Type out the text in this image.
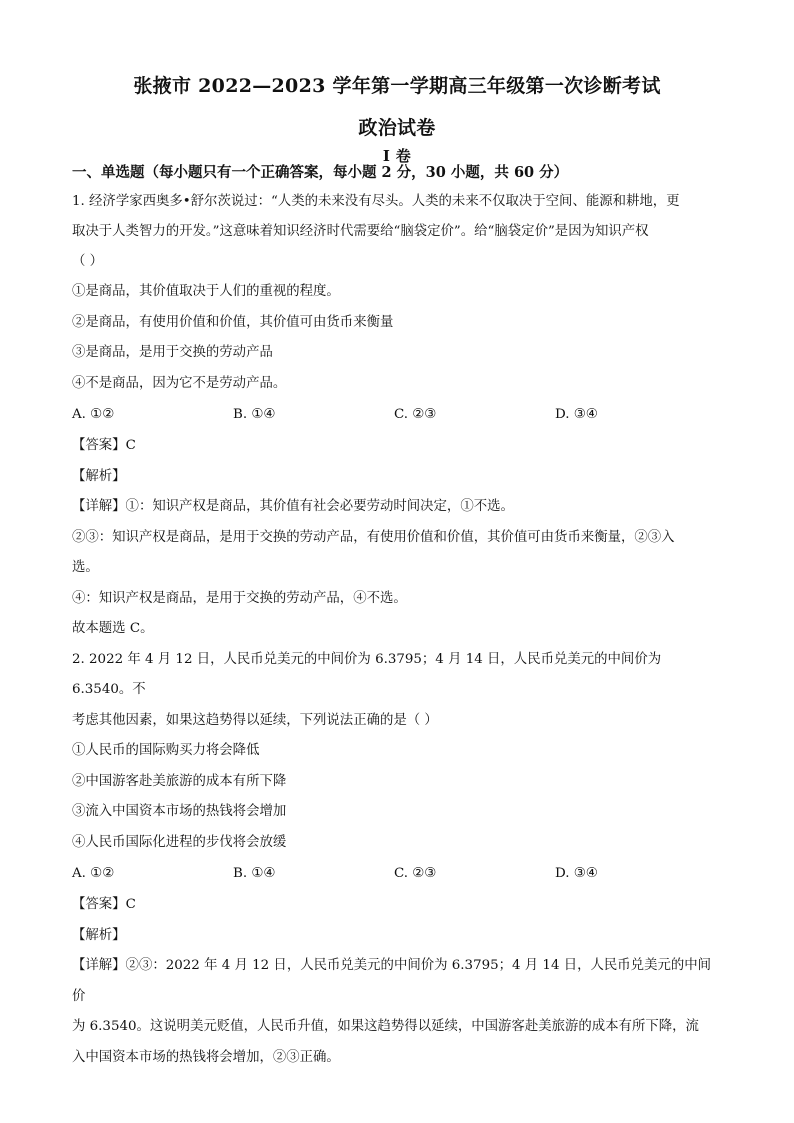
张掖市 2022—2023 学年第一学期高三年级第一次诊断考试
政治试卷
I 卷
一、单选题（每小题只有一个正确答案，每小题 2 分，30 小题，共 60 分）

1. 经济学家西奥多•舒尔茨说过：“人类的未来没有尽头。人类的未来不仅取决于空间、能源和耕地，更

取决于人类智力的开发。”这意味着知识经济时代需要给“脑袋定价”。给“脑袋定价”是因为知识产权

（ ）

①是商品，其价值取决于人们的重视的程度。

②是商品，有使用价值和价值，其价值可由货币来衡量

③是商品，是用于交换的劳动产品

④不是商品，因为它不是劳动产品。

A. ①②	B. ①④	C. ②③	D. ③④
【答案】C
【解析】

【详解】①：知识产权是商品，其价值有社会必要劳动时间决定，①不选。

②③：知识产权是商品，是用于交换的劳动产品，有使用价值和价值，其价值可由货币来衡量，②③入

选。

④：知识产权是商品，是用于交换的劳动产品，④不选。

故本题选 C。

2. 2022 年 4 月 12 日，人民币兑美元的中间价为 6.3795；4 月 14 日，人民币兑美元的中间价为 6.3540。不

考虑其他因素，如果这趋势得以延续，下列说法正确的是（ ）

①人民币的国际购买力将会降低

②中国游客赴美旅游的成本有所下降

③流入中国资本市场的热钱将会增加

④人民币国际化进程的步伐将会放缓

A. ①②	B. ①④	C. ②③	D. ③④
【答案】C
【解析】

【详解】②③：2022 年 4 月 12 日，人民币兑美元的中间价为 6.3795；4 月 14 日，人民币兑美元的中间价

为 6.3540。这说明美元贬值，人民币升值，如果这趋势得以延续，中国游客赴美旅游的成本有所下降，流

入中国资本市场的热钱将会增加，②③正确。
